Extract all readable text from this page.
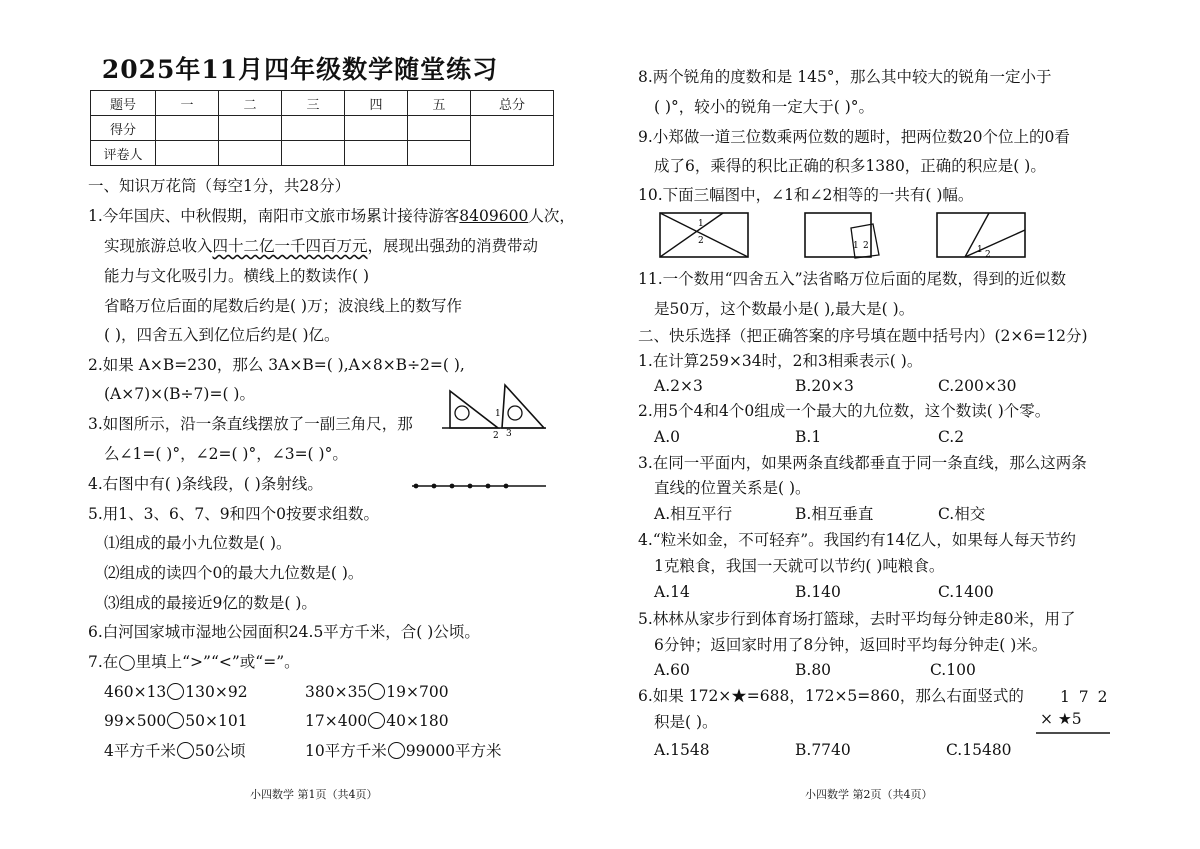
2025年11月四年级数学随堂练习
题号	一	二	三	四	五	总分
得分						
评卷人						
一、知识万花筒（每空1分，共28分）
1.今年国庆、中秋假期，南阳市文旅市场累计接待游客8409600人次，
实现旅游总收入四十二亿一千四百万元，展现出强劲的消费带动
能力与文化吸引力。横线上的数读作( )
省略万位后面的尾数后约是( )万；波浪线上的数写作
( )，四舍五入到亿位后约是( )亿。
2.如果 A×B=230，那么 3A×B=( ),A×8×B÷2=( ),
(A×7)×(B÷7)=( )。
3.如图所示，沿一条直线摆放了一副三角尺，那
么∠1=( )°，∠2=( )°，∠3=( )°。
1
2 3
4.右图中有( )条线段，( )条射线。
5.用1、3、6、7、9和四个0按要求组数。
⑴组成的最小九位数是( )。
⑵组成的读四个0的最大九位数是( )。
⑶组成的最接近9亿的数是( )。
6.白河国家城市湿地公园面积24.5平方千米，合( )公顷。
7.在◯里填上“>”“<”或“=”。
460×13 130×92	380×35 19×700
99×500 50×101	17×400 40×180
4平方千米 50公顷	10平方千米 99000平方米
小四数学 第1页（共4页）
8.两个锐角的度数和是 145°，那么其中较大的锐角一定小于
( )°，较小的锐角一定大于( )°。
9.小郑做一道三位数乘两位数的题时，把两位数20个位上的0看
成了6，乘得的积比正确的积多1380，正确的积应是( )。
10.下面三幅图中，∠1和∠2相等的一共有( )幅。
1
2	1 2	1 2
11.一个数用“四舍五入”法省略万位后面的尾数，得到的近似数
是50万，这个数最小是( ),最大是( )。
二、快乐选择（把正确答案的序号填在题中括号内）(2×6=12分)
1.在计算259×34时，2和3相乘表示( )。
A.2×3	B.20×3	C.200×30
2.用5个4和4个0组成一个最大的九位数，这个数读( )个零。
A.0	B.1	C.2
3.在同一平面内，如果两条直线都垂直于同一条直线，那么这两条
直线的位置关系是( )。
A.相互平行	B.相互垂直	C.相交
4.“粒米如金，不可轻弃”。我国约有14亿人，如果每人每天节约
1克粮食，我国一天就可以节约( )吨粮食。
A.14	B.140	C.1400
5.林林从家步行到体育场打篮球，去时平均每分钟走80米，用了
6分钟；返回家时用了8分钟，返回时平均每分钟走( )米。
A.60	B.80	C.100
6.如果 172×★=688，172×5=860，那么右面竖式的
积是( )。
A.1548	B.7740	C.15480
1 7 2
× ★5
小四数学 第2页（共4页）
